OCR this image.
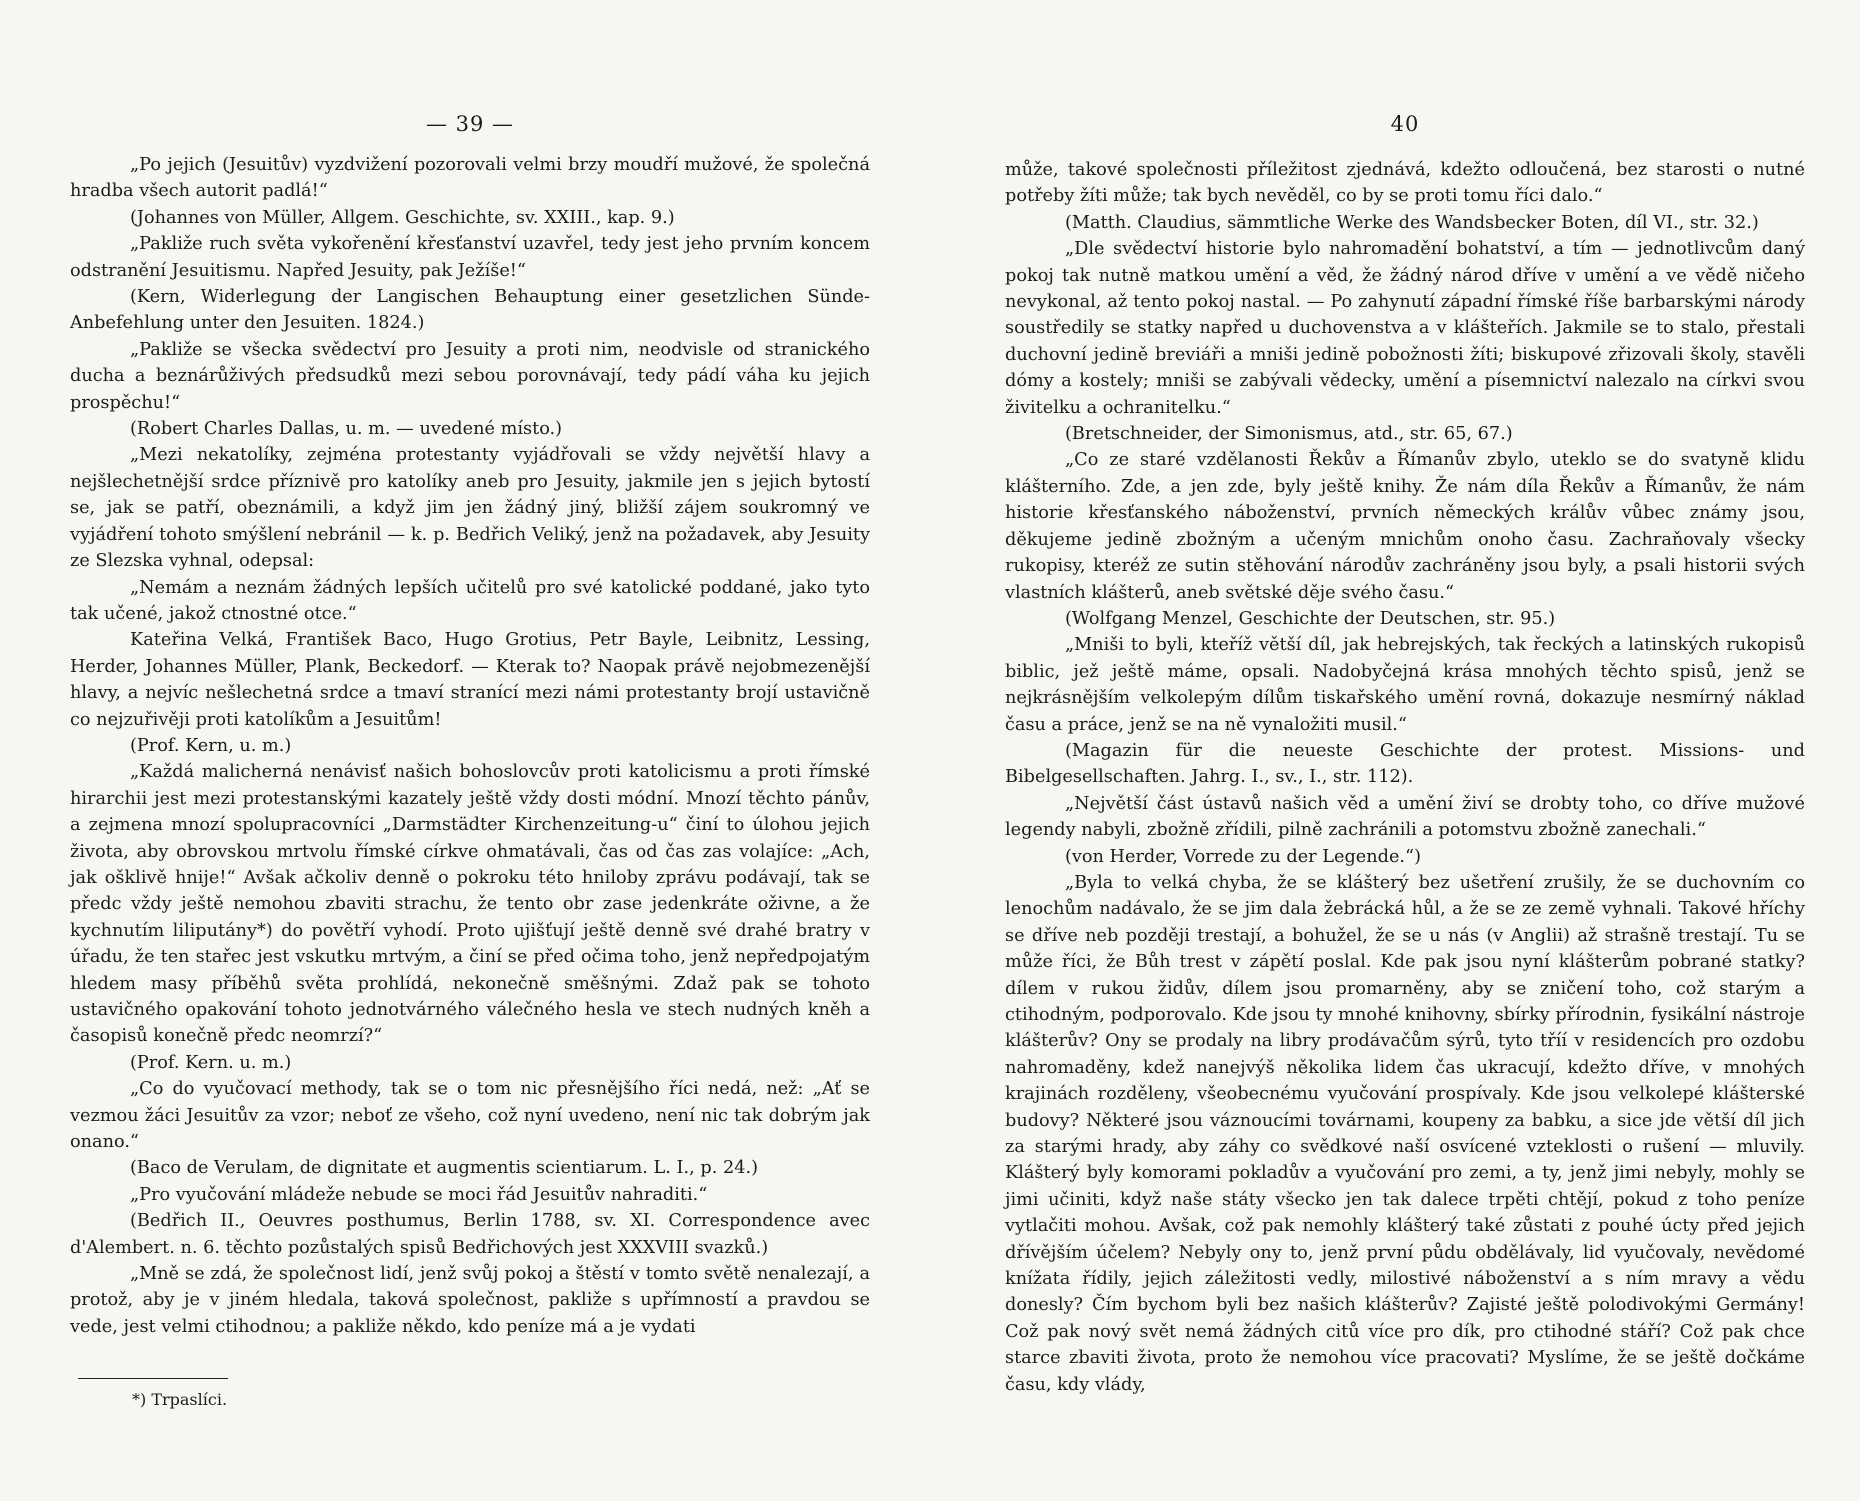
— 39 —

„Po jejich (Jesuitův) vyzdvižení pozorovali velmi brzy moudří mužové, že společná hradba všech autorit padlá!“

(Johannes von Müller, Allgem. Geschichte, sv. XXIII., kap. 9.)

„Pakliže ruch světa vykořenění křesťanství uzavřel, tedy jest jeho prvním koncem odstranění Jesuitismu. Napřed Jesuity, pak Ježíše!“

(Kern, Widerlegung der Langischen Behauptung einer gesetzlichen Sünde-Anbefehlung unter den Jesuiten. 1824.)

„Pakliže se všecka svědectví pro Jesuity a proti nim, neodvisle od stranického ducha a beznárůživých předsudků mezi sebou porovnávají, tedy pádí váha ku jejich prospěchu!“

(Robert Charles Dallas, u. m. — uvedené místo.)

„Mezi nekatolíky, zejména protestanty vyjádřovali se vždy největší hlavy a nejšlechetnější srdce příznivě pro katolíky aneb pro Jesuity, jakmile jen s jejich bytostí se, jak se patří, obeznámili, a když jim jen žádný jiný, bližší zájem soukromný ve vyjádření tohoto smýšlení nebránil — k. p. Bedřich Veliký, jenž na požadavek, aby Jesuity ze Slezska vyhnal, odepsal:

„Nemám a neznám žádných lepších učitelů pro své katolické poddané, jako tyto tak učené, jakož ctnostné otce.“

Kateřina Velká, František Baco, Hugo Grotius, Petr Bayle, Leibnitz, Lessing, Herder, Johannes Müller, Plank, Beckedorf. — Kterak to? Naopak právě nejobmezenější hlavy, a nejvíc nešlechetná srdce a tmaví stranící mezi námi protestanty brojí ustavičně co nejzuřivěji proti katolíkům a Jesuitům!

(Prof. Kern, u. m.)

„Každá malicherná nenávisť našich bohoslovcův proti katolicismu a proti římské hirarchii jest mezi protestanskými kazately ještě vždy dosti módní. Mnozí těchto pánův, a zejmena mnozí spolupracovníci „Darmstädter Kirchenzeitung-u“ činí to úlohou jejich života, aby obrovskou mrtvolu římské církve ohmatávali, čas od čas zas volajíce: „Ach, jak ošklivě hnije!“ Avšak ačkoliv denně o pokroku této hniloby zprávu podávají, tak se předc vždy ještě nemohou zbaviti strachu, že tento obr zase jedenkráte oživne, a že kychnutím liliputány*) do povětří vyhodí. Proto ujišťují ještě denně své drahé bratry v úřadu, že ten stařec jest vskutku mrtvým, a činí se před očima toho, jenž nepředpojatým hledem masy příběhů světa prohlídá, nekonečně směšnými. Zdaž pak se tohoto ustavičného opakování tohoto jednotvárného válečného hesla ve stech nudných kněh a časopisů konečně předc neomrzí?“

(Prof. Kern. u. m.)

„Co do vyučovací methody, tak se o tom nic přesnějšího říci nedá, než: „Ať se vezmou žáci Jesuitův za vzor; neboť ze všeho, což nyní uvedeno, není nic tak dobrým jak onano.“

(Baco de Verulam, de dignitate et augmentis scientiarum. L. I., p. 24.)

„Pro vyučování mládeže nebude se moci řád Jesuitův nahraditi.“

(Bedřich II., Oeuvres posthumus, Berlin 1788, sv. XI. Correspondence avec d'Alembert. n. 6. těchto pozůstalých spisů Bedřichových jest XXXVIII svazků.)

„Mně se zdá, že společnost lidí, jenž svůj pokoj a štěstí v tomto světě nenalezají, a protož, aby je v jiném hledala, taková společnost, pakliže s upřímností a pravdou se vede, jest velmi ctihodnou; a pakliže někdo, kdo peníze má a je vydati

*) Trpaslíci.
40

může, takové společnosti příležitost zjednává, kdežto odloučená, bez starosti o nutné potřeby žíti může; tak bych nevěděl, co by se proti tomu říci dalo.“

(Matth. Claudius, sämmtliche Werke des Wandsbecker Boten, díl VI., str. 32.)

„Dle svědectví historie bylo nahromadění bohatství, a tím — jednotlivcům daný pokoj tak nutně matkou umění a věd, že žádný národ dříve v umění a ve vědě ničeho nevykonal, až tento pokoj nastal. — Po zahynutí západní římské říše barbarskými národy soustředily se statky napřed u duchovenstva a v klášteřích. Jakmile se to stalo, přestali duchovní jedině breviáři a mniši jedině pobožnosti žíti; biskupové zřizovali školy, stavěli dómy a kostely; mniši se zabývali vědecky, umění a písemnictví nalezalo na církvi svou živitelku a ochranitelku.“

(Bretschneider, der Simonismus, atd., str. 65, 67.)

„Co ze staré vzdělanosti Řekův a Římanův zbylo, uteklo se do svatyně klidu klášterního. Zde, a jen zde, byly ještě knihy. Že nám díla Řekův a Římanův, že nám historie křesťanského náboženství, prvních německých králův vůbec známy jsou, děkujeme jedině zbožným a učeným mnichům onoho času. Zachraňovaly všecky rukopisy, kteréž ze sutin stěhování národův zachráněny jsou byly, a psali historii svých vlastních klášterů, aneb světské děje svého času.“

(Wolfgang Menzel, Geschichte der Deutschen, str. 95.)

„Mniši to byli, kteříž větší díl, jak hebrejských, tak řeckých a latinských rukopisů biblic, jež ještě máme, opsali. Nadobyčejná krása mnohých těchto spisů, jenž se nejkrásnějším velkolepým dílům tiskařského umění rovná, dokazuje nesmírný náklad času a práce, jenž se na ně vynaložiti musil.“

(Magazin für die neueste Geschichte der protest. Missions- und Bibelgesellschaften. Jahrg. I., sv., I., str. 112).

„Největší část ústavů našich věd a umění živí se drobty toho, co dříve mužové legendy nabyli, zbožně zřídili, pilně zachránili a potomstvu zbožně zanechali.“

(von Herder, Vorrede zu der Legende.“)

„Byla to velká chyba, že se klášterý bez ušetření zrušily, že se duchovním co lenochům nadávalo, že se jim dala žebrácká hůl, a že se ze země vyhnali. Takové hříchy se dříve neb později trestají, a bohužel, že se u nás (v Anglii) až strašně trestají. Tu se může říci, že Bůh trest v zápětí poslal. Kde pak jsou nyní klášterům pobrané statky? dílem v rukou židův, dílem jsou promarněny, aby se zničení toho, což starým a ctihodným, podporovalo. Kde jsou ty mnohé knihovny, sbírky přírodnin, fysikální nástroje klášterův? Ony se prodaly na libry prodávačům sýrů, tyto tříí v residencích pro ozdobu nahromaděny, kdež nanejvýš několika lidem čas ukracují, kdežto dříve, v mnohých krajinách rozděleny, všeobecnému vyučování prospívaly. Kde jsou velkolepé klášterské budovy? Některé jsou váznoucími továrnami, koupeny za babku, a sice jde větší díl jich za starými hrady, aby záhy co svědkové naší osvícené vzteklosti o rušení — mluvily. Klášterý byly komorami pokladův a vyučování pro zemi, a ty, jenž jimi nebyly, mohly se jimi učiniti, když naše státy všecko jen tak dalece trpěti chtějí, pokud z toho peníze vytlačiti mohou. Avšak, což pak nemohly klášterý také zůstati z pouhé úcty před jejich dřívějším účelem? Nebyly ony to, jenž první půdu obdělávaly, lid vyučovaly, nevědomé knížata řídily, jejich záležitosti vedly, milostivé náboženství a s ním mravy a vědu donesly? Čím bychom byli bez našich klášterův? Zajisté ještě polodivokými Germány! Což pak nový svět nemá žádných citů více pro dík, pro ctihodné stáří? Což pak chce starce zbaviti života, proto že nemohou více pracovati? Myslíme, že se ještě dočkáme času, kdy vlády,
